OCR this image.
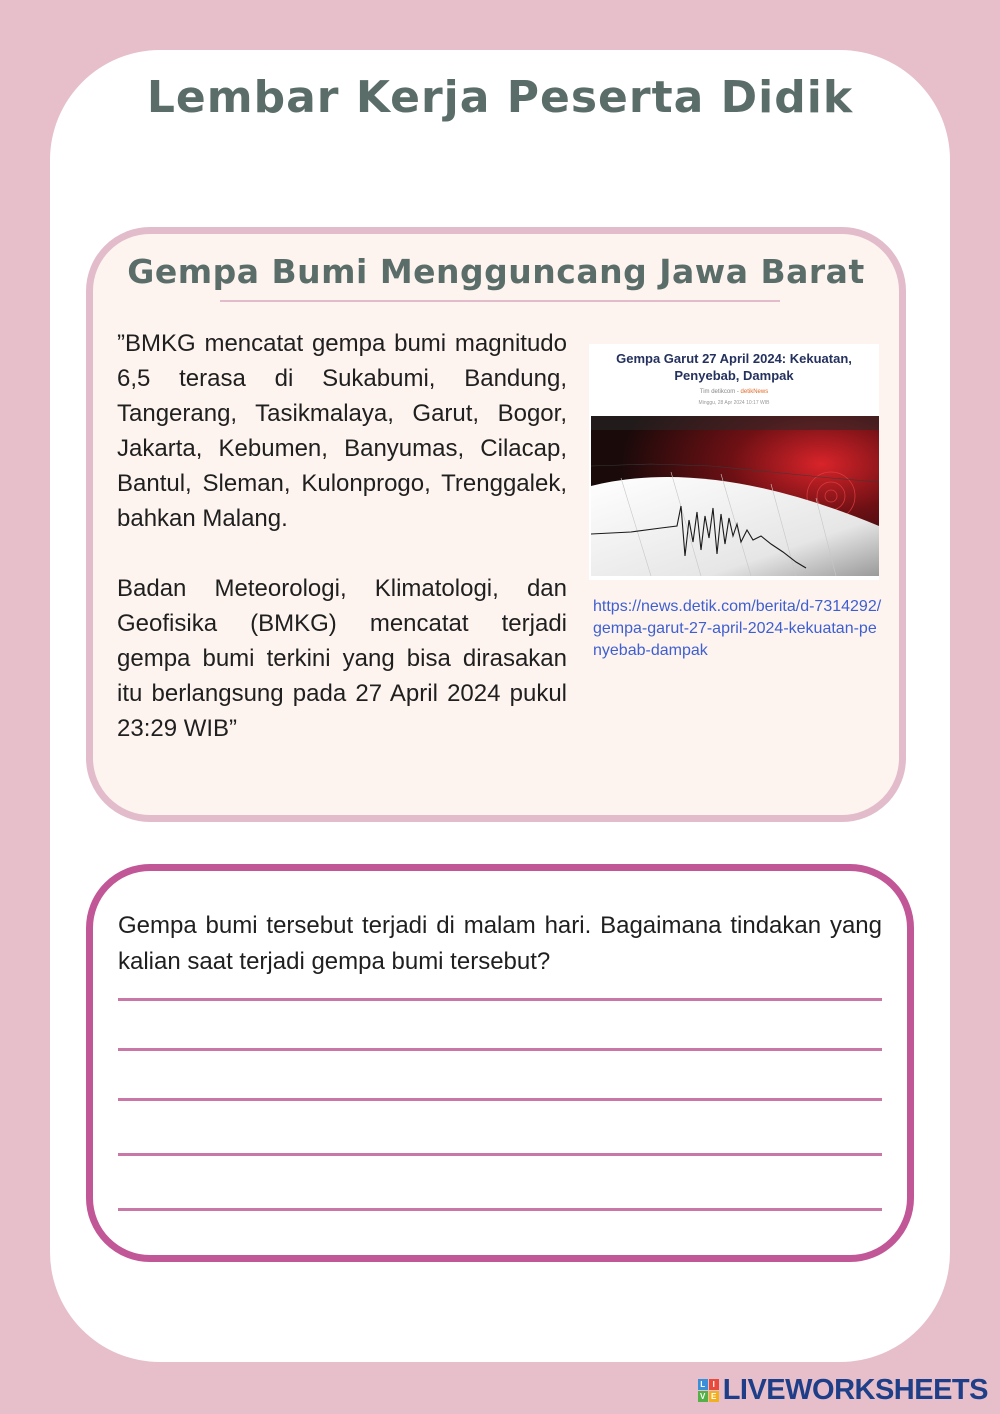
Lembar Kerja Peserta Didik
Gempa Bumi Mengguncang Jawa Barat

”BMKG mencatat gempa bumi magnitudo 6,5 terasa di Sukabumi, Bandung, Tangerang, Tasikmalaya, Garut, Bogor, Jakarta, Kebumen, Banyumas, Cilacap, Bantul, Sleman, Kulonprogo, Trenggalek, bahkan Malang.

Badan Meteorologi, Klimatologi, dan Geofisika (BMKG) mencatat terjadi gempa bumi terkini yang bisa dirasakan itu berlangsung pada 27 April 2024 pukul 23:29 WIB”

Gempa Garut 27 April 2024: Kekuatan, Penyebab, Dampak
Tim detikcom - detikNews
Minggu, 28 Apr 2024 10:17 WIB
https://news.detik.com/berita/d-7314292/gempa-garut-27-april-2024-kekuatan-penyebab-dampak
Gempa bumi tersebut terjadi di malam hari. Bagaimana tindakan yang kalian saat terjadi gempa bumi tersebut?
L I
V E LIVEWORKSHEETS
